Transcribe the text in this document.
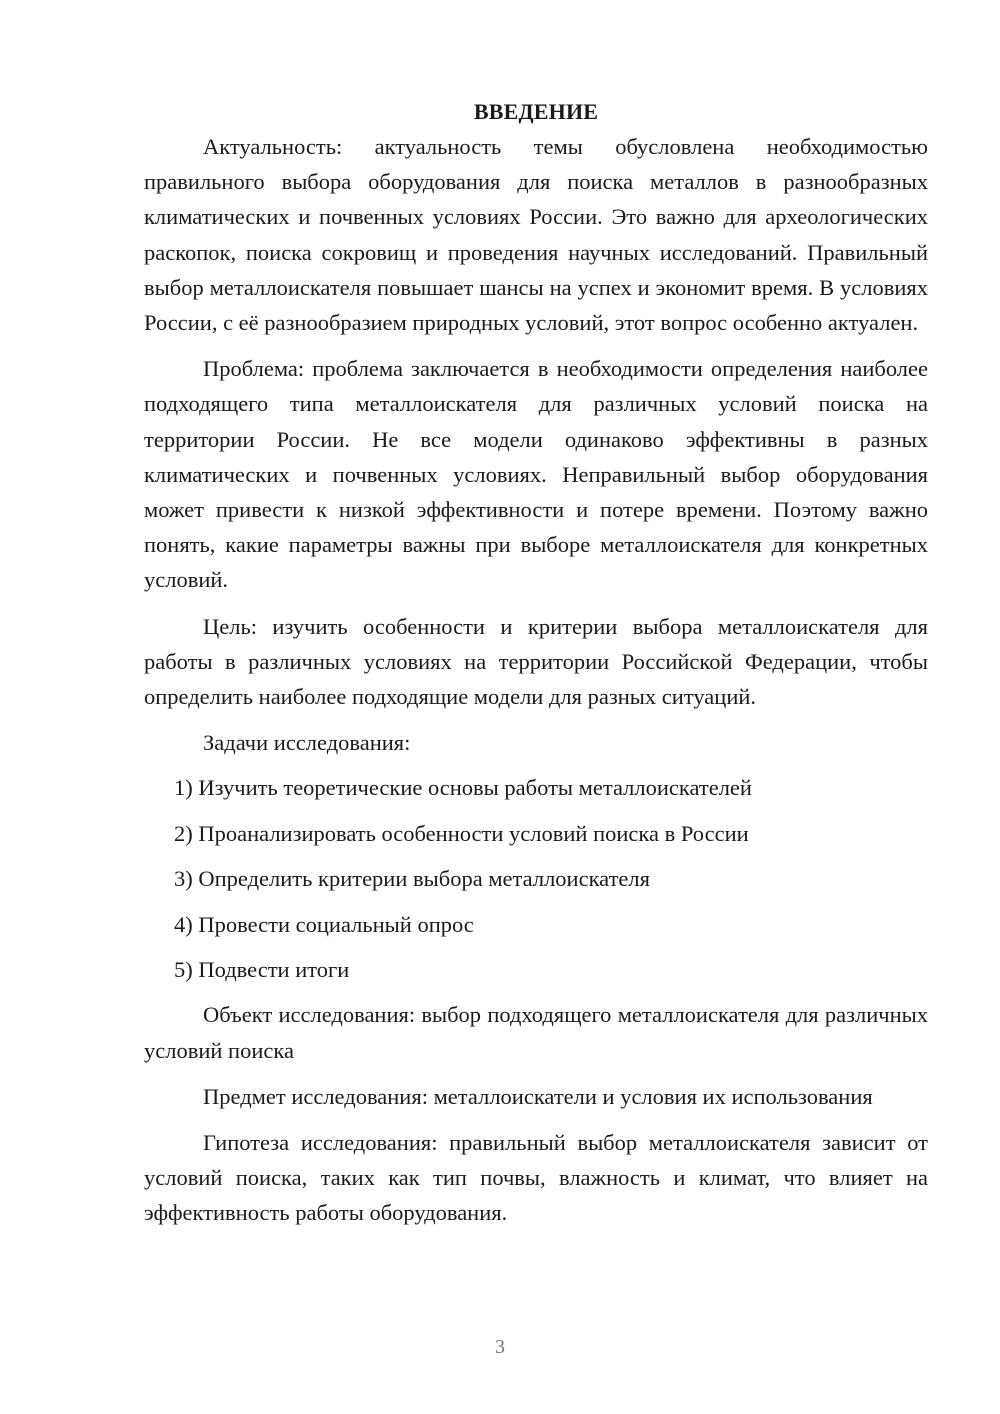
ВВЕДЕНИЕ

Актуальность: актуальность темы обусловлена необходимостью правильного выбора оборудования для поиска металлов в разнообразных климатических и почвенных условиях России. Это важно для археологических раскопок, поиска сокровищ и проведения научных исследований. Правильный выбор металлоискателя повышает шансы на успех и экономит время. В условиях России, с её разнообразием природных условий, этот вопрос особенно актуален.

Проблема: проблема заключается в необходимости определения наиболее подходящего типа металлоискателя для различных условий поиска на территории России. Не все модели одинаково эффективны в разных климатических и почвенных условиях. Неправильный выбор оборудования может привести к низкой эффективности и потере времени. Поэтому важно понять, какие параметры важны при выборе металлоискателя для конкретных условий.

Цель: изучить особенности и критерии выбора металлоискателя для работы в различных условиях на территории Российской Федерации, чтобы определить наиболее подходящие модели для разных ситуаций.

Задачи исследования:

1) Изучить теоретические основы работы металлоискателей
2) Проанализировать особенности условий поиска в России
3) Определить критерии выбора металлоискателя
4) Провести социальный опрос
5) Подвести итоги

Объект исследования: выбор подходящего металлоискателя для различных условий поиска

Предмет исследования: металлоискатели и условия их использования

Гипотеза исследования: правильный выбор металлоискателя зависит от условий поиска, таких как тип почвы, влажность и климат, что влияет на эффективность работы оборудования.

3
